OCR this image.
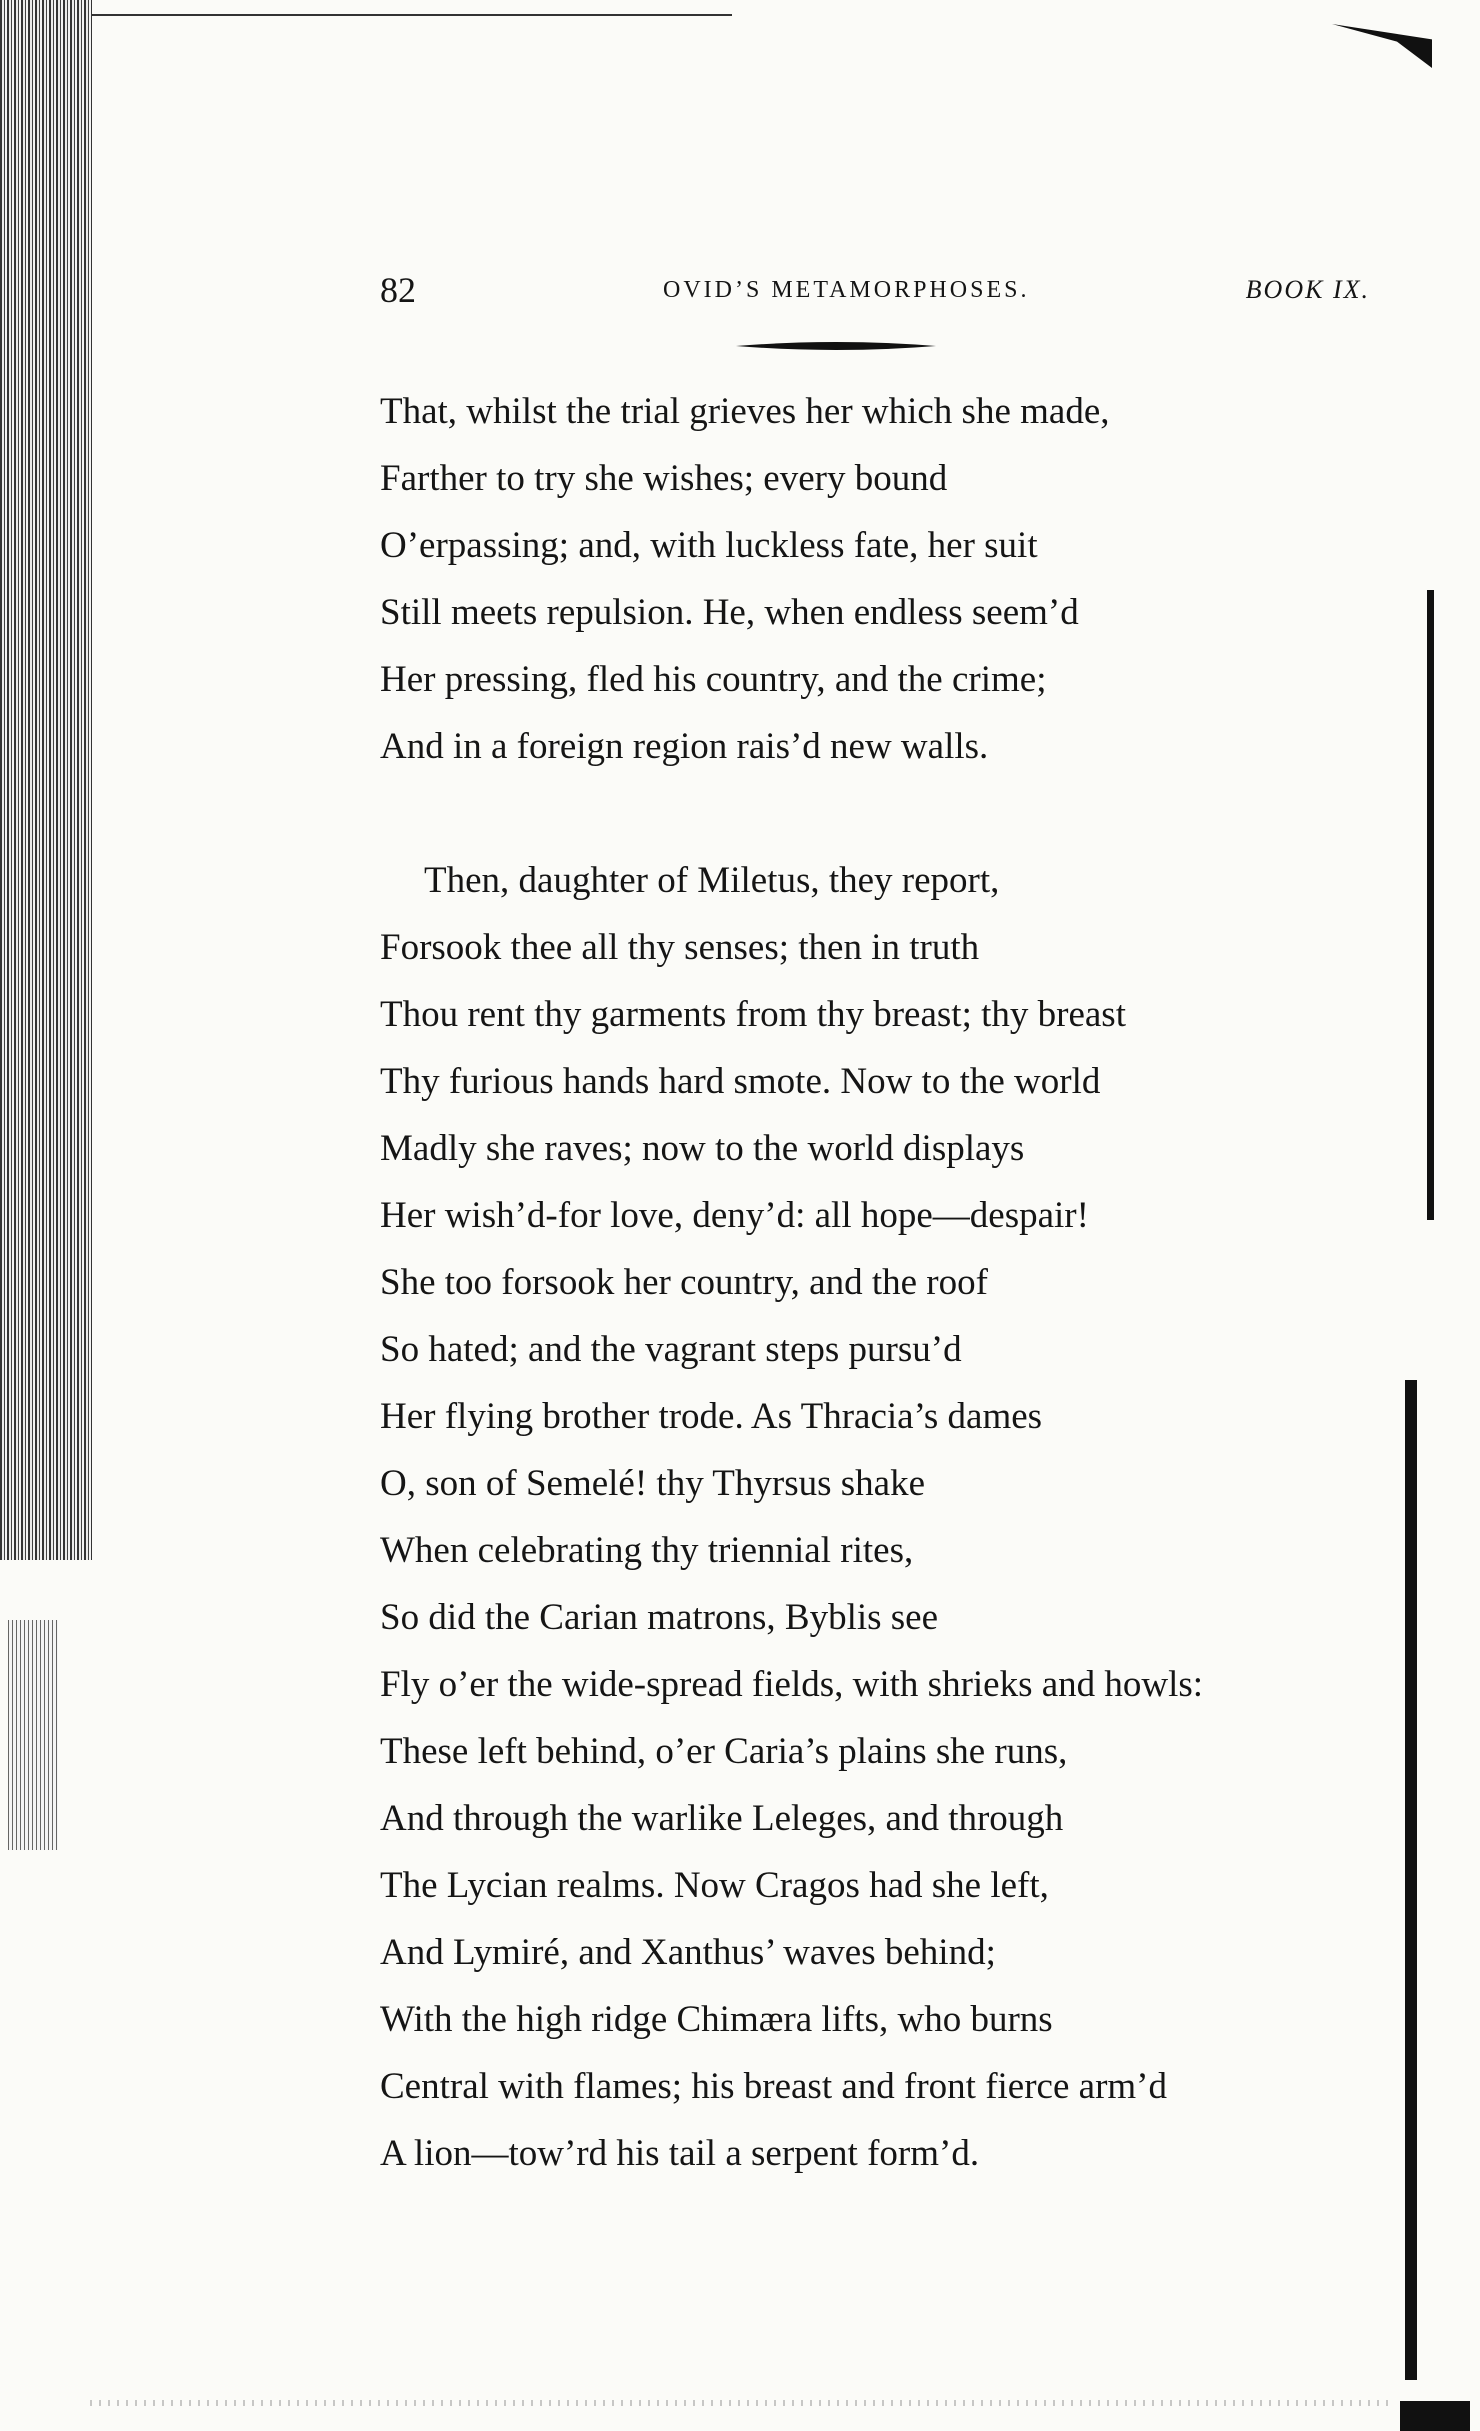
82	OVID’S METAMORPHOSES.	BOOK IX.
That, whilst the trial grieves her which she made,
Farther to try she wishes; every bound
O’erpassing; and, with luckless fate, her suit
Still meets repulsion. He, when endless seem’d
Her pressing, fled his country, and the crime;
And in a foreign region rais’d new walls.
Then, daughter of Miletus, they report,
Forsook thee all thy senses; then in truth
Thou rent thy garments from thy breast; thy breast
Thy furious hands hard smote. Now to the world
Madly she raves; now to the world displays
Her wish’d-for love, deny’d: all hope—despair!
She too forsook her country, and the roof
So hated; and the vagrant steps pursu’d
Her flying brother trode. As Thracia’s dames
O, son of Semelé! thy Thyrsus shake
When celebrating thy triennial rites,
So did the Carian matrons, Byblis see
Fly o’er the wide-spread fields, with shrieks and howls:
These left behind, o’er Caria’s plains she runs,
And through the warlike Leleges, and through
The Lycian realms. Now Cragos had she left,
And Lymiré, and Xanthus’ waves behind;
With the high ridge Chimæra lifts, who burns
Central with flames; his breast and front fierce arm’d
A lion—tow’rd his tail a serpent form’d.
